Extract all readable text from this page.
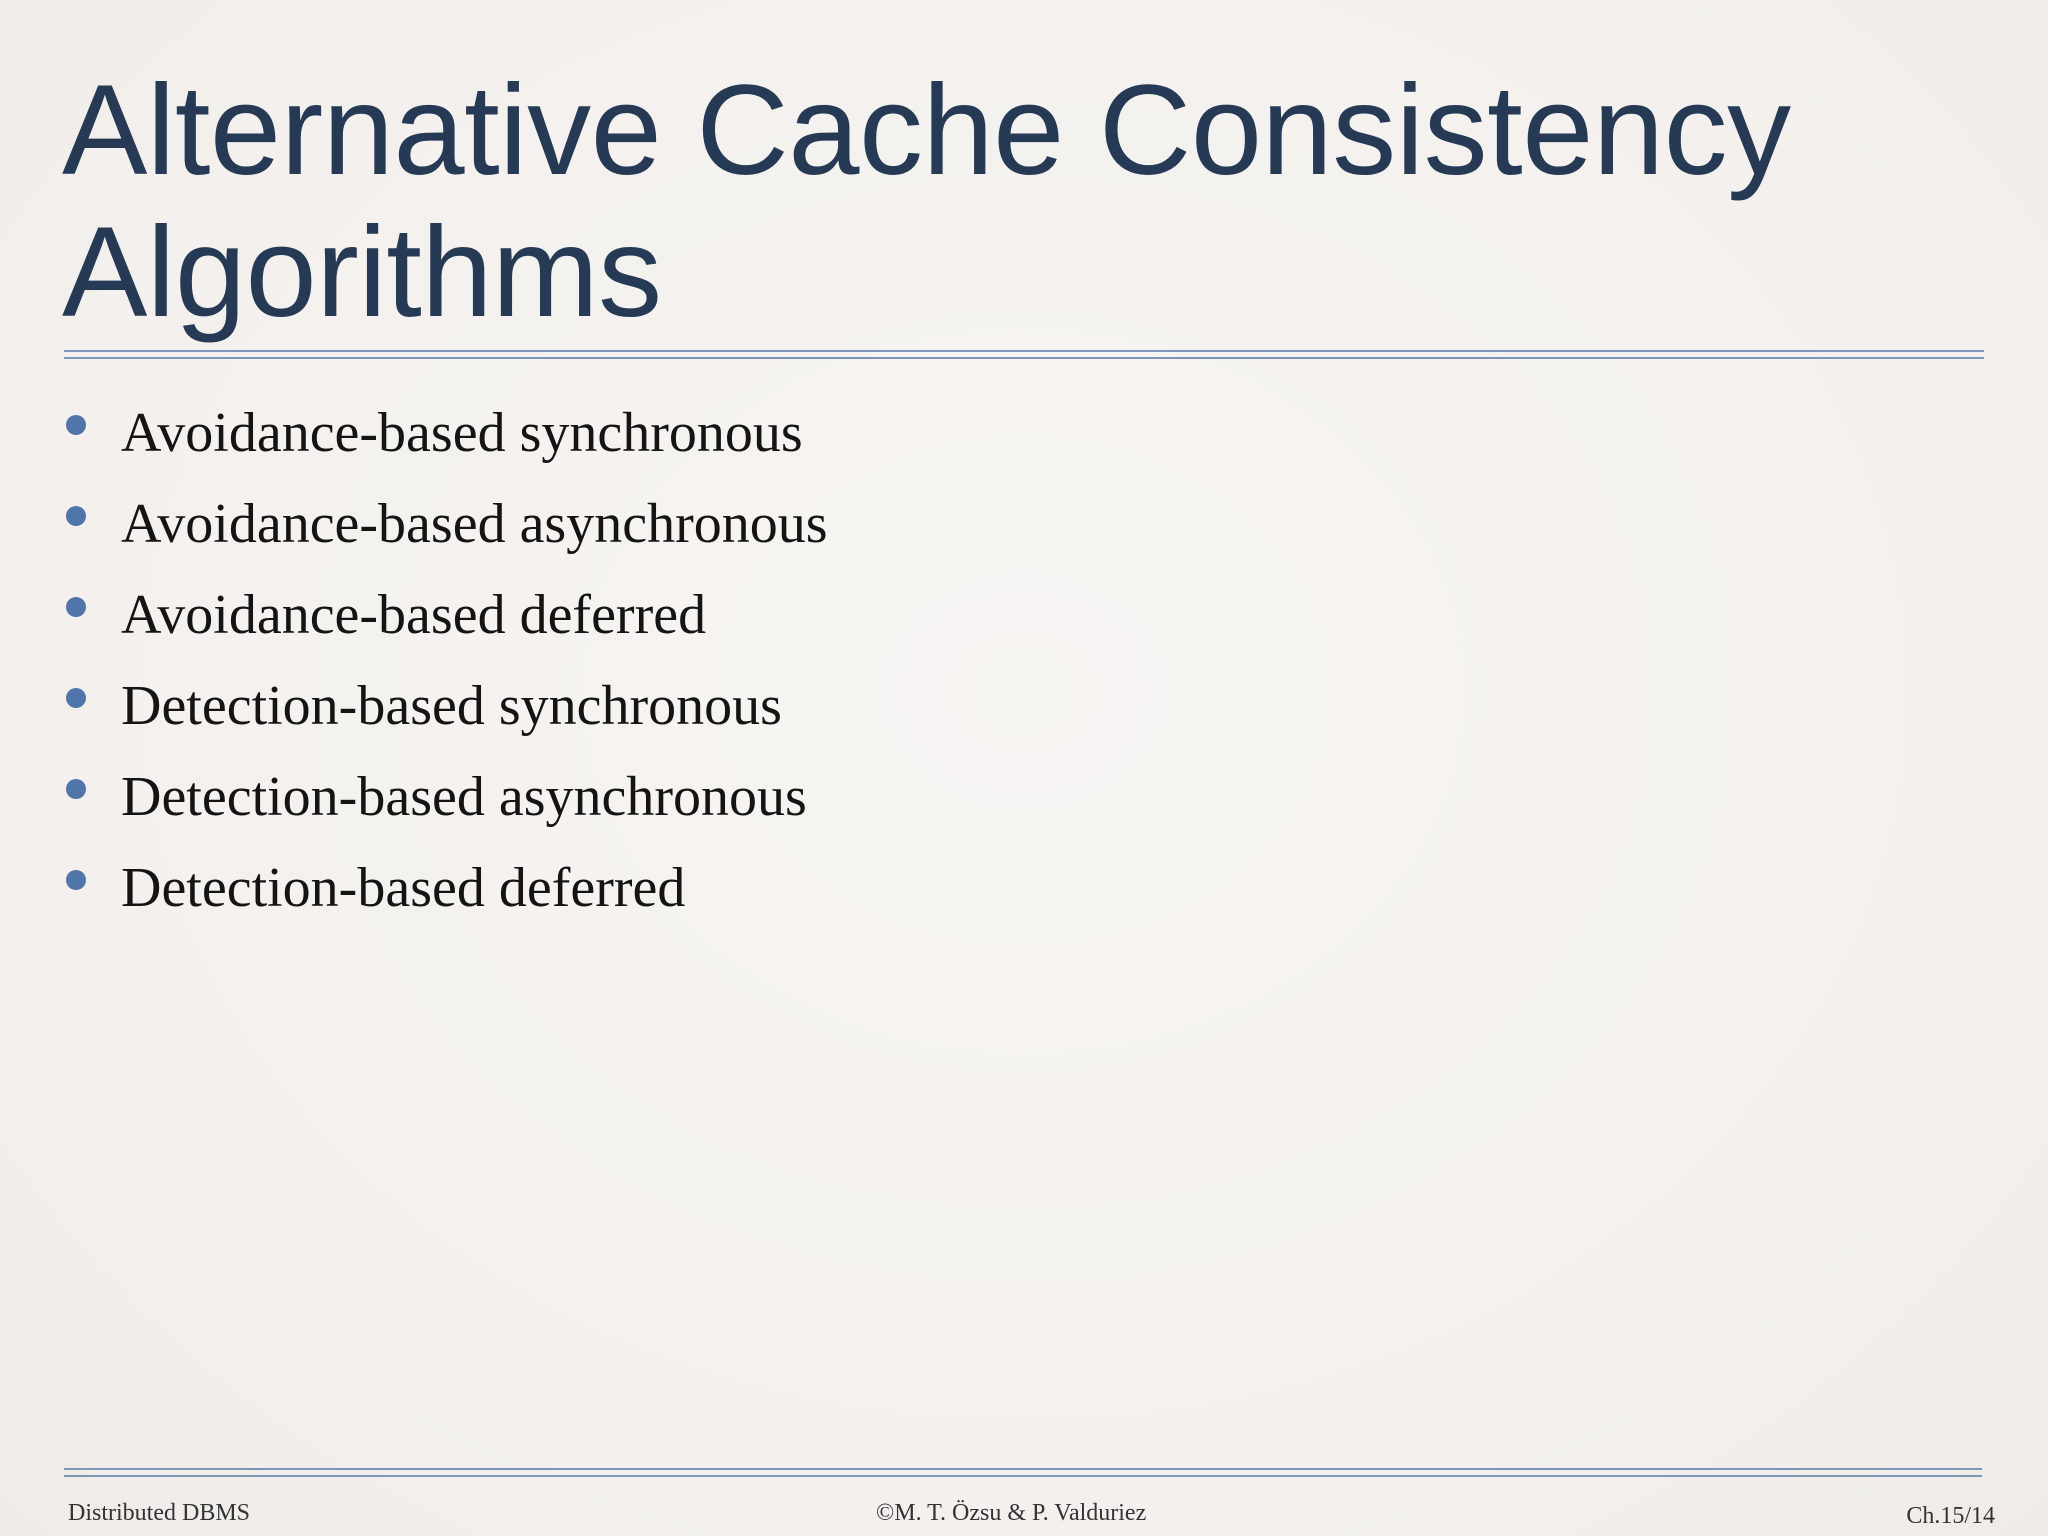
Alternative Cache Consistency
Algorithms
Avoidance-based synchronous
Avoidance-based asynchronous
Avoidance-based deferred
Detection-based synchronous
Detection-based asynchronous
Detection-based deferred
Distributed DBMS	©M. T. Özsu & P. Valduriez	Ch.15/14
